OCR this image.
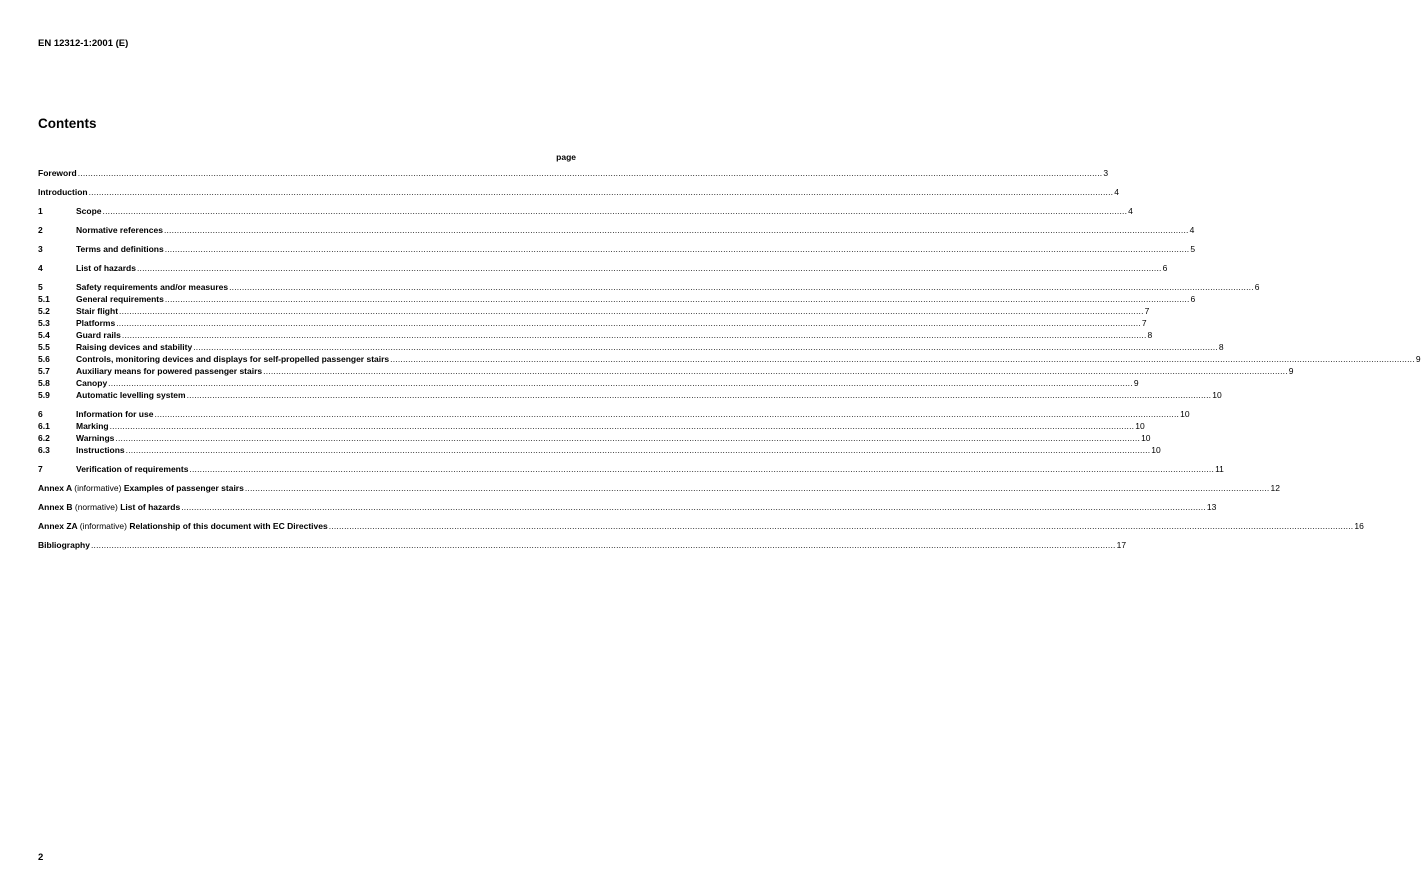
EN 12312-1:2001 (E)
Contents
page
Foreword ................................................................................................................................................................................................................................................................................................................................................................................................................ 3
Introduction ................................................................................................................................................................................................................................................................................................................................................................................................................ 4
1	Scope ................................................................................................................................................................................................................................................................................................................................................................................................................ 4
2	Normative references ................................................................................................................................................................................................................................................................................................................................................................................................................ 4
3	Terms and definitions ................................................................................................................................................................................................................................................................................................................................................................................................................ 5
4	List of hazards ................................................................................................................................................................................................................................................................................................................................................................................................................ 6
5	Safety requirements and/or measures ................................................................................................................................................................................................................................................................................................................................................................................................................ 6
5.1	General requirements ................................................................................................................................................................................................................................................................................................................................................................................................................ 6
5.2	Stair flight ................................................................................................................................................................................................................................................................................................................................................................................................................ 7
5.3	Platforms ................................................................................................................................................................................................................................................................................................................................................................................................................ 7
5.4	Guard rails ................................................................................................................................................................................................................................................................................................................................................................................................................ 8
5.5	Raising devices and stability ................................................................................................................................................................................................................................................................................................................................................................................................................ 8
5.6	Controls, monitoring devices and displays for self-propelled passenger stairs ................................................................................................................................................................................................................................................................................................................................................................................................................ 9
5.7	Auxiliary means for powered passenger stairs ................................................................................................................................................................................................................................................................................................................................................................................................................ 9
5.8	Canopy ................................................................................................................................................................................................................................................................................................................................................................................................................ 9
5.9	Automatic levelling system ................................................................................................................................................................................................................................................................................................................................................................................................................ 10
6	Information for use ................................................................................................................................................................................................................................................................................................................................................................................................................ 10
6.1	Marking ................................................................................................................................................................................................................................................................................................................................................................................................................ 10
6.2	Warnings ................................................................................................................................................................................................................................................................................................................................................................................................................ 10
6.3	Instructions ................................................................................................................................................................................................................................................................................................................................................................................................................ 10
7	Verification of requirements ................................................................................................................................................................................................................................................................................................................................................................................................................ 11
Annex A (informative) Examples of passenger stairs ................................................................................................................................................................................................................................................................................................................................................................................................................ 12
Annex B (normative) List of hazards ................................................................................................................................................................................................................................................................................................................................................................................................................ 13
Annex ZA (informative) Relationship of this document with EC Directives ................................................................................................................................................................................................................................................................................................................................................................................................................ 16
Bibliography ................................................................................................................................................................................................................................................................................................................................................................................................................ 17
2
